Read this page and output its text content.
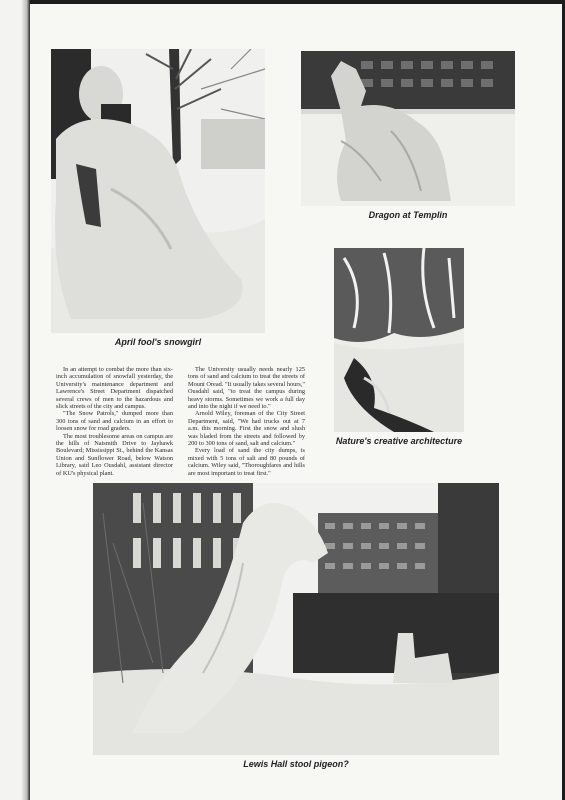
April fool's snowgirl
Dragon at Templin
Nature's creative architecture

In an attempt to combat the more than six-inch accumulation of snowfall yesterday, the University's maintenance department and Lawrence's Street Department dispatched several crews of men to the hazardous and slick streets of the city and campus.

"The Snow Patrols," dumped more than 300 tons of sand and calcium in an effort to loosen snow for road graders.

The most troublesome areas on campus are the hills of Naismith Drive to Jayhawk Boulevard; Mississippi St., behind the Kansas Union and Sunflower Road, below Watson Library, said Leo Ousdahl, assistant director of KU's physical plant.

The University usually needs nearly 125 tons of sand and calcium to treat the streets of Mount Oread. "It usually takes several hours," Ousdahl said, "to treat the campus during heavy storms. Sometimes we work a full day and into the night if we need to."

Arnold Wiley, foreman of the City Street Department, said, "We had trucks out at 7 a.m. this morning. First the snow and slush was bladed from the streets and followed by 200 to 300 tons of sand, salt and calcium."

Every load of sand the city dumps, is mixed with 5 tons of salt and 80 pounds of calcium. Wiley said, "Thoroughfares and hills are most important to treat first."

Lewis Hall stool pigeon?
